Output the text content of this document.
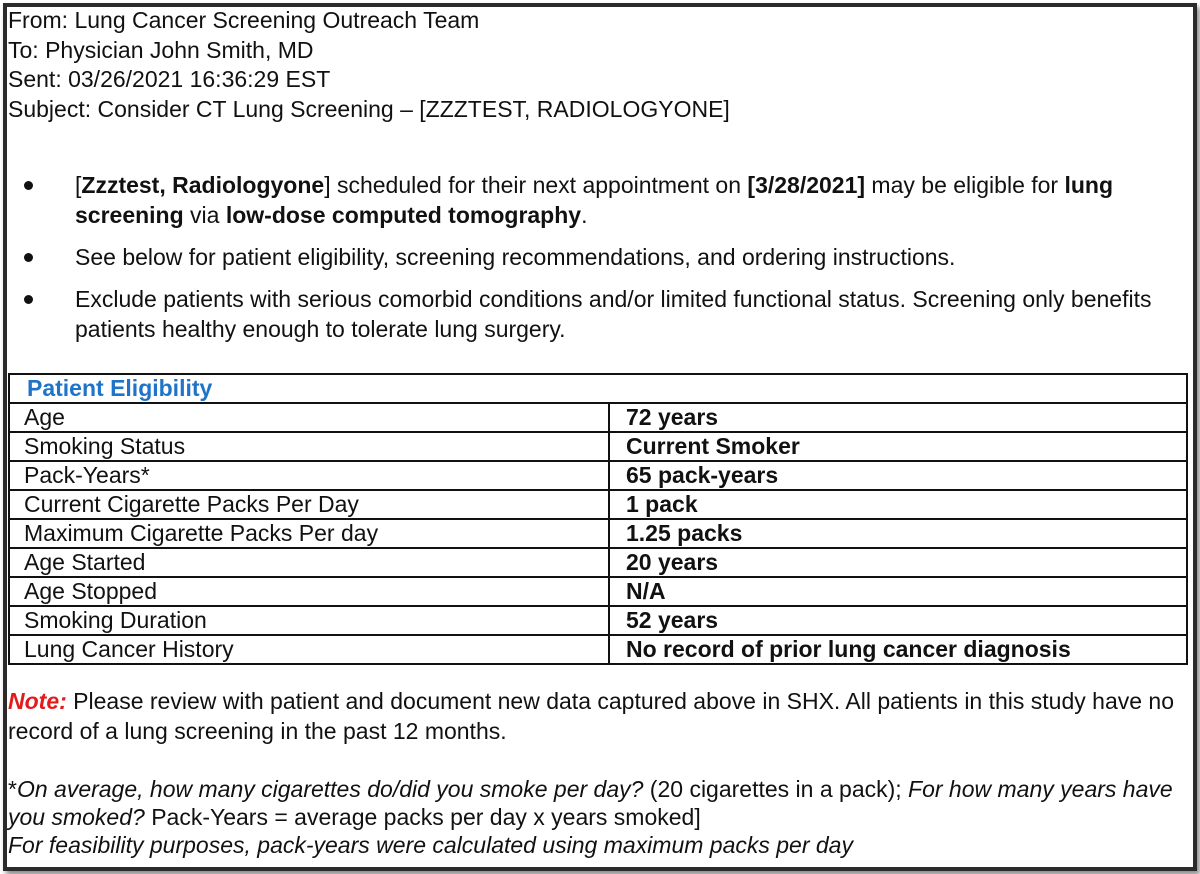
From: Lung Cancer Screening Outreach Team
To: Physician John Smith, MD
Sent: 03/26/2021 16:36:29 EST
Subject: Consider CT Lung Screening – [ZZZTEST, RADIOLOGYONE]
[Zzztest, Radiologyone] scheduled for their next appointment on [3/28/2021] may be eligible for lung screening via low-dose computed tomography.
See below for patient eligibility, screening recommendations, and ordering instructions.
Exclude patients with serious comorbid conditions and/or limited functional status. Screening only benefits patients healthy enough to tolerate lung surgery.
Patient Eligibility	
Age	72 years
Smoking Status	Current Smoker
Pack-Years*	65 pack-years
Current Cigarette Packs Per Day	1 pack
Maximum Cigarette Packs Per day	1.25 packs
Age Started	20 years
Age Stopped	N/A
Smoking Duration	52 years
Lung Cancer History	No record of prior lung cancer diagnosis
Note: Please review with patient and document new data captured above in SHX. All patients in this study have no record of a lung screening in the past 12 months.
*On average, how many cigarettes do/did you smoke per day? (20 cigarettes in a pack); For how many years have you smoked? Pack-Years = average packs per day x years smoked]
For feasibility purposes, pack-years were calculated using maximum packs per day
